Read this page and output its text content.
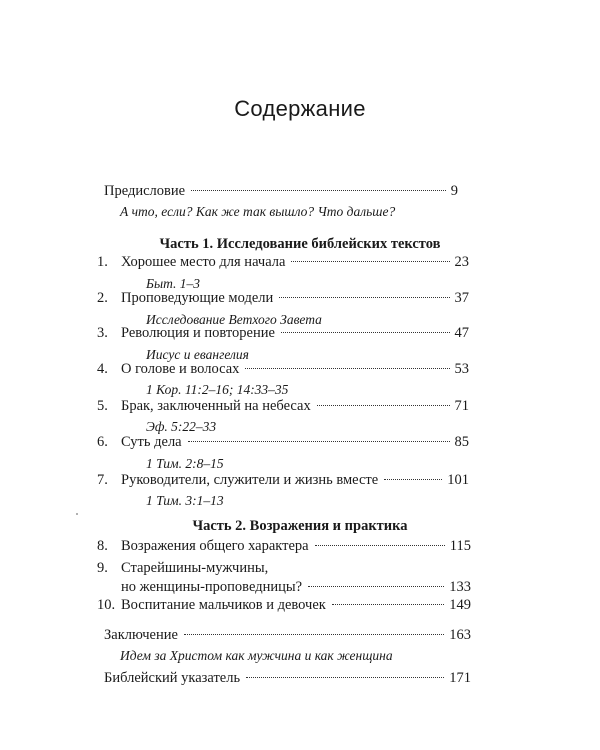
Содержание
Предисловие	9
А что, если? Как же так вышло? Что дальше?
Часть 1. Исследование библейских текстов
1. Хорошее место для начала	23
Быт. 1–3
2. Проповедующие модели	37
Исследование Ветхого Завета
3. Революция и повторение	47
Иисус и евангелия
4. О голове и волосах	53
1 Кор. 11:2–16; 14:33–35
5. Брак, заключенный на небесах	71
Эф. 5:22–33
6. Суть дела	85
1 Тим. 2:8–15
7. Руководители, служители и жизнь вместе	101
1 Тим. 3:1–13
Часть 2. Возражения и практика
8. Возражения общего характера	115
9. Старейшины-мужчины,
но женщины-проповедницы?	133
10. Воспитание мальчиков и девочек	149
Заключение	163
Идем за Христом как мужчина и как женщина
Библейский указатель	171
